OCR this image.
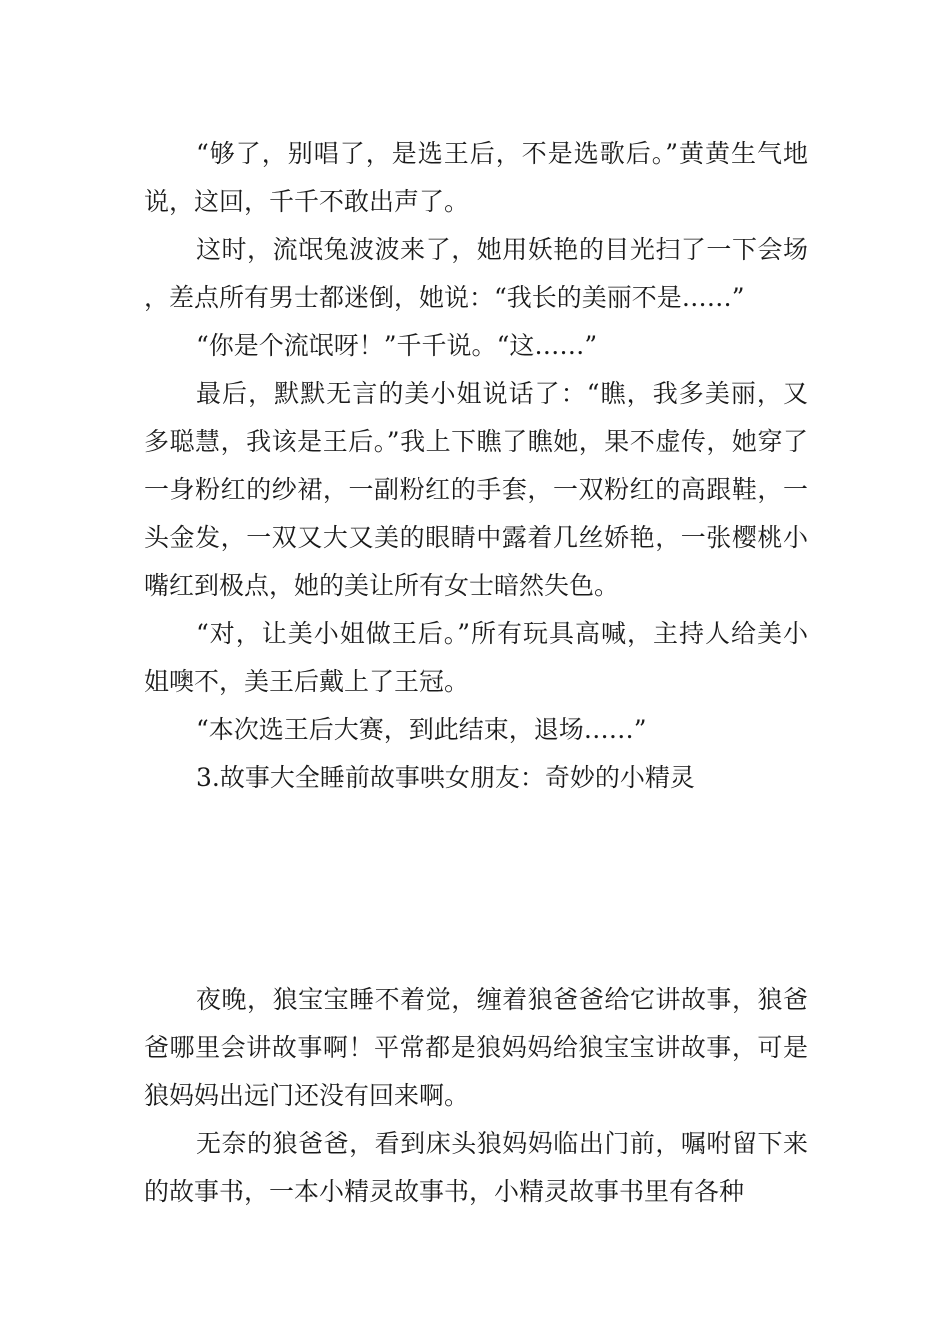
“够了，别唱了，是选王后，不是选歌后。”黄黄生气地说，这回，千千不敢出声了。

这时，流氓兔波波来了，她用妖艳的目光扫了一下会场，差点所有男士都迷倒，她说：“我长的美丽不是……”

“你是个流氓呀！”千千说。“这……”

最后，默默无言的美小姐说话了：“瞧，我多美丽，又多聪慧，我该是王后。”我上下瞧了瞧她，果不虚传，她穿了一身粉红的纱裙，一副粉红的手套，一双粉红的高跟鞋，一头金发，一双又大又美的眼睛中露着几丝娇艳，一张樱桃小嘴红到极点，她的美让所有女士暗然失色。

“对，让美小姐做王后。”所有玩具高喊，主持人给美小姐噢不，美王后戴上了王冠。

“本次选王后大赛，到此结束，退场……”

3.故事大全睡前故事哄女朋友：奇妙的小精灵

夜晚，狼宝宝睡不着觉，缠着狼爸爸给它讲故事，狼爸爸哪里会讲故事啊！平常都是狼妈妈给狼宝宝讲故事，可是狼妈妈出远门还没有回来啊。

无奈的狼爸爸，看到床头狼妈妈临出门前，嘱咐留下来的故事书，一本小精灵故事书，小精灵故事书里有各种
